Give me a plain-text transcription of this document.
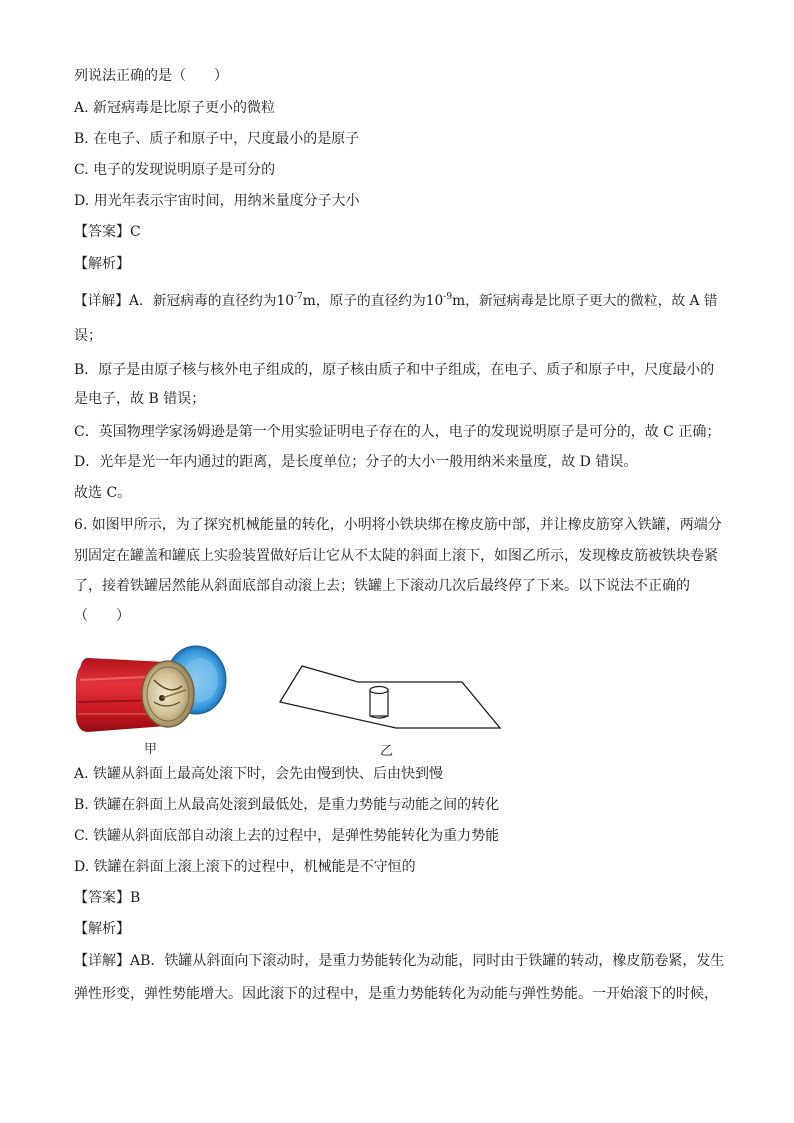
列说法正确的是（　　）
A. 新冠病毒是比原子更小的微粒
B. 在电子、质子和原子中，尺度最小的是原子
C. 电子的发现说明原子是可分的
D. 用光年表示宇宙时间，用纳米量度分子大小
【答案】C
【解析】
【详解】A．新冠病毒的直径约为$10^{-7}m$，原子的直径约为$10^{-9}m$，新冠病毒是比原子更大的微粒，故 A 错
误；
B．原子是由原子核与核外电子组成的，原子核由质子和中子组成，在电子、质子和原子中，尺度最小的
是电子，故 B 错误；
C．英国物理学家汤姆逊是第一个用实验证明电子存在的人，电子的发现说明原子是可分的，故 C 正确；
D．光年是光一年内通过的距离，是长度单位；分子的大小一般用纳米来量度，故 D 错误。
故选 C。
6. 如图甲所示，为了探究机械能量的转化，小明将小铁块绑在橡皮筋中部，并让橡皮筋穿入铁罐，两端分
别固定在罐盖和罐底上实验装置做好后让它从不太陡的斜面上滚下，如图乙所示，发现橡皮筋被铁块卷紧
了，接着铁罐居然能从斜面底部自动滚上去；铁罐上下滚动几次后最终停了下来。以下说法不正确的
（　　）
甲	乙
A. 铁罐从斜面上最高处滚下时，会先由慢到快、后由快到慢
B. 铁罐在斜面上从最高处滚到最低处，是重力势能与动能之间的转化
C. 铁罐从斜面底部自动滚上去的过程中，是弹性势能转化为重力势能
D. 铁罐在斜面上滚上滚下的过程中，机械能是不守恒的
【答案】B
【解析】
【详解】AB．铁罐从斜面向下滚动时，是重力势能转化为动能，同时由于铁罐的转动，橡皮筋卷紧，发生
弹性形变，弹性势能增大。因此滚下的过程中，是重力势能转化为动能与弹性势能。一开始滚下的时候，
